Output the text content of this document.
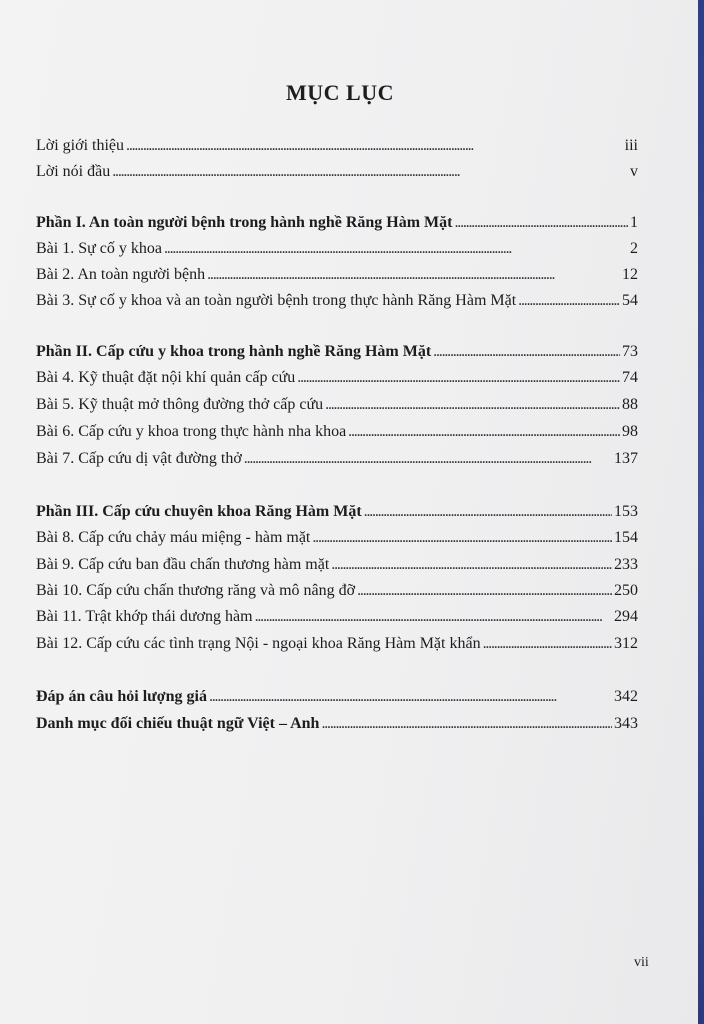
MỤC LỤC
Lời giới thiệu . . .	iii
Lời nói đầu . . .	v
Phần I. An toàn người bệnh trong hành nghề Răng Hàm Mặt . . .	1
Bài 1. Sự cố y khoa . . .	2
Bài 2. An toàn người bệnh . . .	12
Bài 3. Sự cố y khoa và an toàn người bệnh trong thực hành Răng Hàm Mặt . . .	54
Phần II. Cấp cứu y khoa trong hành nghề Răng Hàm Mặt . . .	73
Bài 4. Kỹ thuật đặt nội khí quản cấp cứu . . .	74
Bài 5. Kỹ thuật mở thông đường thở cấp cứu . . .	88
Bài 6. Cấp cứu y khoa trong thực hành nha khoa . . .	98
Bài 7. Cấp cứu dị vật đường thở . . .	137
Phần III. Cấp cứu chuyên khoa Răng Hàm Mặt . . .	153
Bài 8. Cấp cứu chảy máu miệng - hàm mặt . . .	154
Bài 9. Cấp cứu ban đầu chấn thương hàm mặt . . .	233
Bài 10. Cấp cứu chấn thương răng và mô nâng đỡ . . .	250
Bài 11. Trật khớp thái dương hàm . . .	294
Bài 12. Cấp cứu các tình trạng Nội - ngoại khoa Răng Hàm Mặt khẩn . . .	312
Đáp án câu hỏi lượng giá . . .	342
Danh mục đối chiếu thuật ngữ Việt – Anh . . .	343
vii
